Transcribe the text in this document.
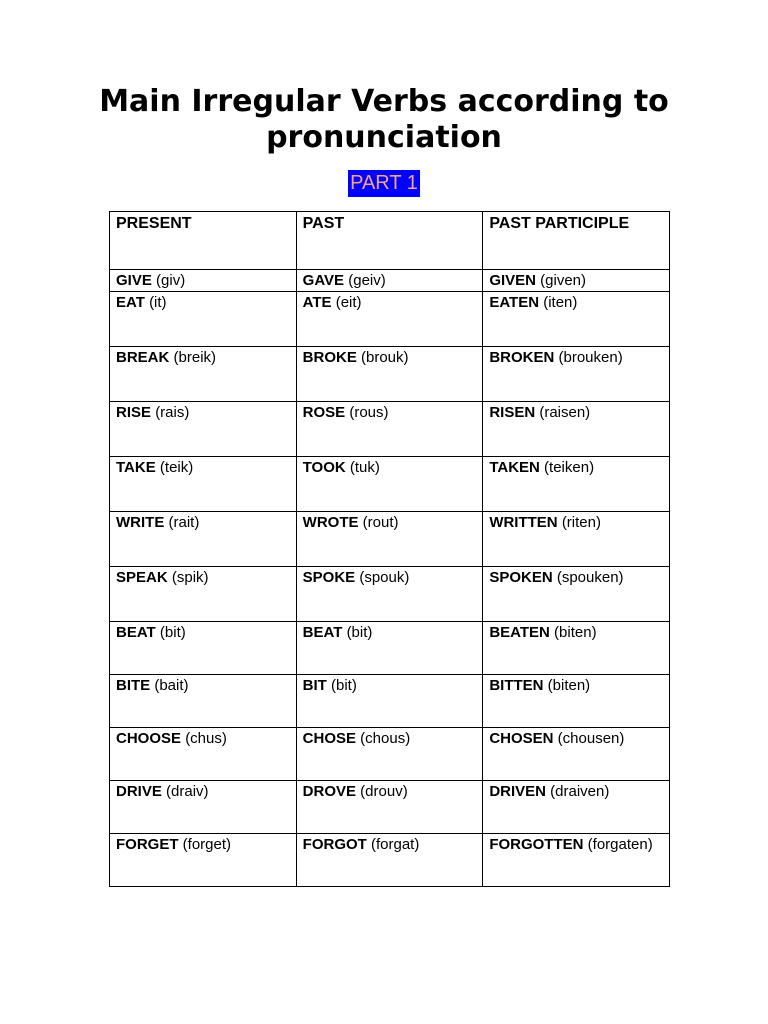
Main Irregular Verbs according to pronunciation
PART 1
PRESENT	PAST	PAST PARTICIPLE
GIVE (giv)	GAVE (geiv)	GIVEN (given)
EAT (it)	ATE (eit)	EATEN (iten)
BREAK (breik)	BROKE (brouk)	BROKEN (brouken)
RISE (rais)	ROSE (rous)	RISEN (raisen)
TAKE (teik)	TOOK (tuk)	TAKEN (teiken)
WRITE (rait)	WROTE (rout)	WRITTEN (riten)
SPEAK (spik)	SPOKE (spouk)	SPOKEN (spouken)
BEAT (bit)	BEAT (bit)	BEATEN (biten)
BITE (bait)	BIT (bit)	BITTEN (biten)
CHOOSE (chus)	CHOSE (chous)	CHOSEN (chousen)
DRIVE (draiv)	DROVE (drouv)	DRIVEN (draiven)
FORGET (forget)	FORGOT (forgat)	FORGOTTEN (forgaten)
